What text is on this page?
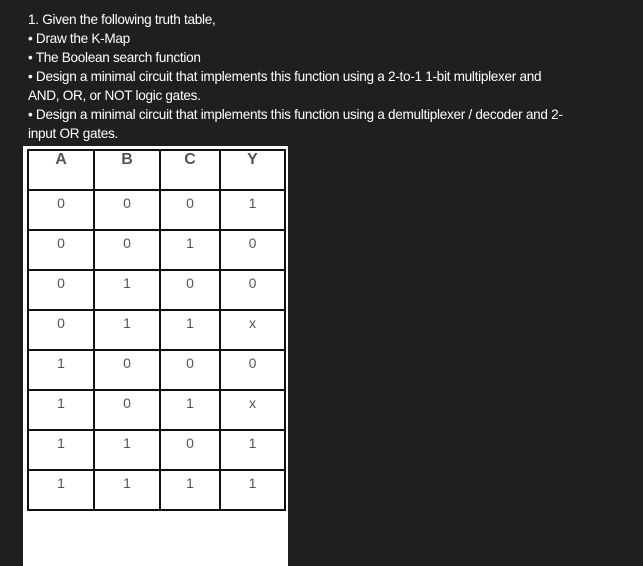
1. Given the following truth table,
• Draw the K-Map
• The Boolean search function
• Design a minimal circuit that implements this function using a 2-to-1 1-bit multiplexer and
AND, OR, or NOT logic gates.
• Design a minimal circuit that implements this function using a demultiplexer / decoder and 2-
input OR gates.
A	B	C	Y
0	0	0	1
0	0	1	0
0	1	0	0
0	1	1	x
1	0	0	0
1	0	1	x
1	1	0	1
1	1	1	1
